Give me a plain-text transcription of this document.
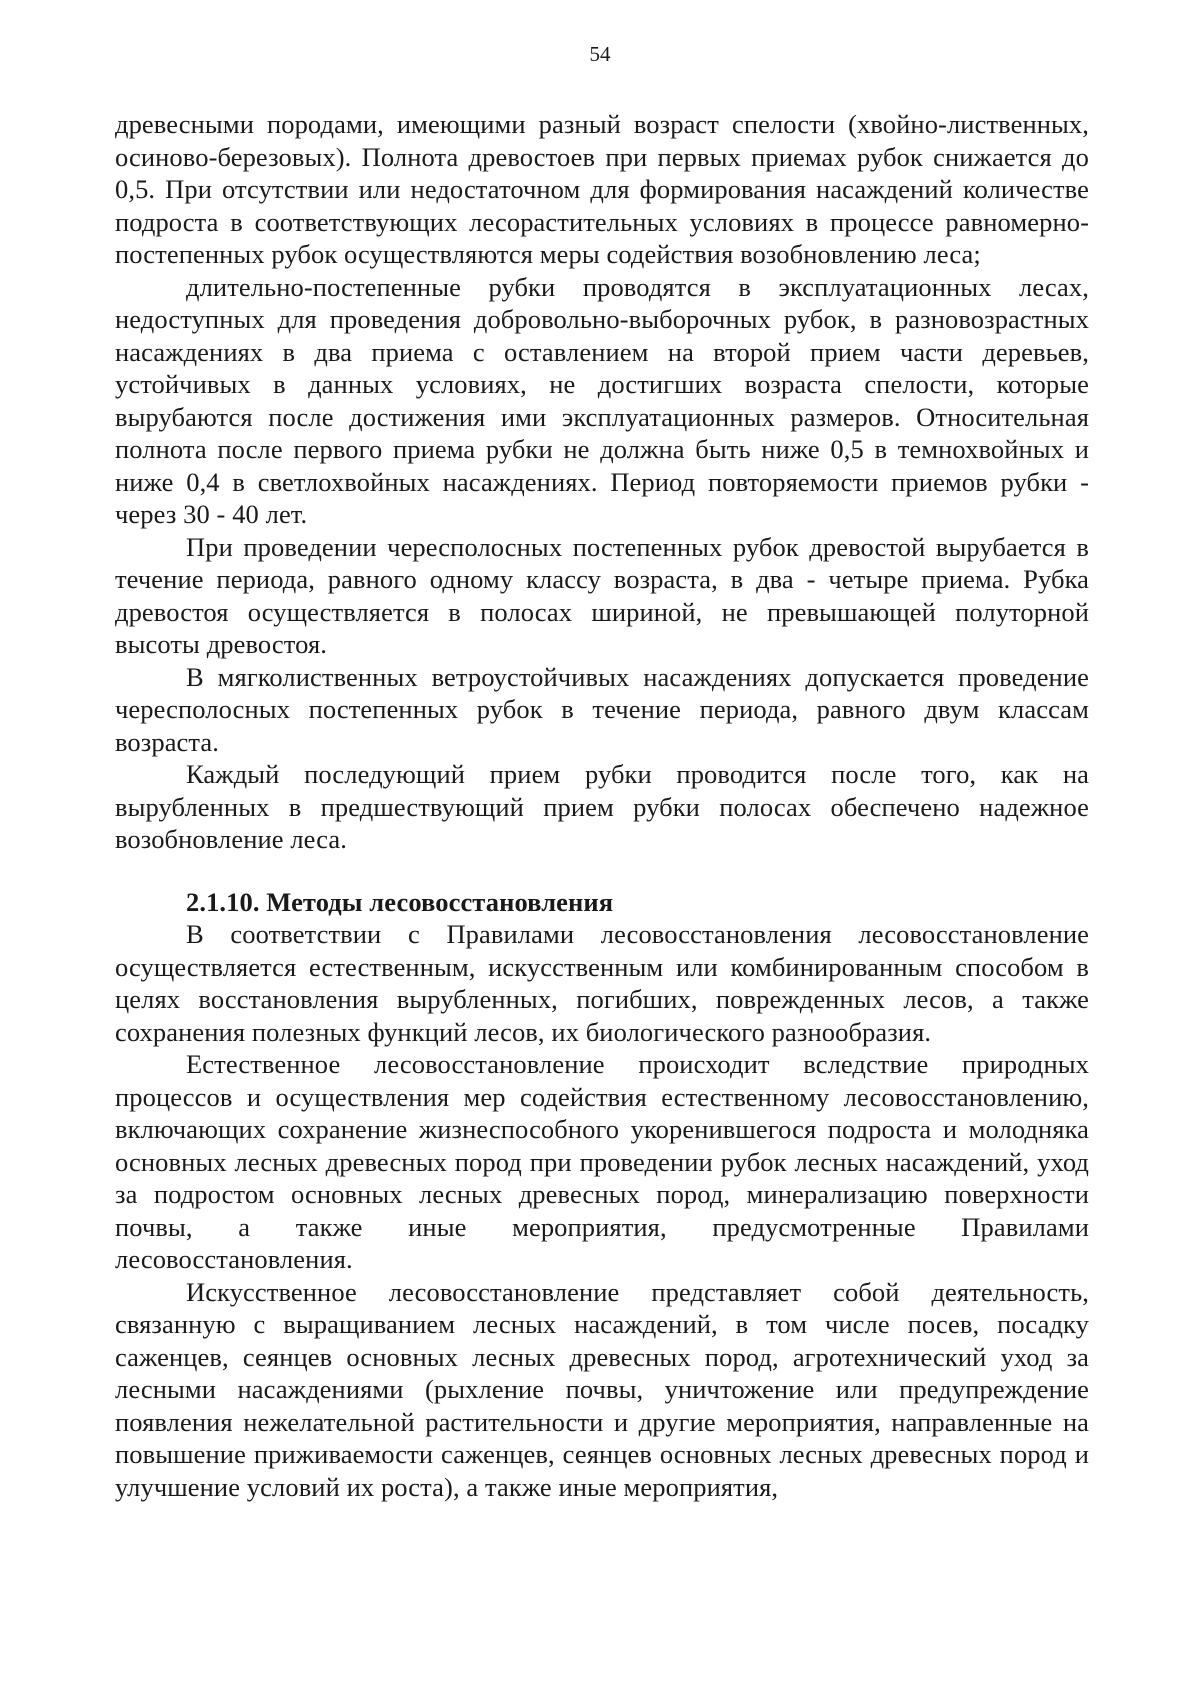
54

древесными породами, имеющими разный возраст спелости (хвойно-лиственных, осиново-березовых). Полнота древостоев при первых приемах рубок снижается до 0,5. При отсутствии или недостаточном для формирования насаждений количестве подроста в соответствующих лесорастительных условиях в процессе равномерно-постепенных рубок осуществляются меры содействия возобновлению леса;

длительно-постепенные рубки проводятся в эксплуатационных лесах, недоступных для проведения добровольно-выборочных рубок, в разновозрастных насаждениях в два приема с оставлением на второй прием части деревьев, устойчивых в данных условиях, не достигших возраста спелости, которые вырубаются после достижения ими эксплуатационных размеров. Относительная полнота после первого приема рубки не должна быть ниже 0,5 в темнохвойных и ниже 0,4 в светлохвойных насаждениях. Период повторяемости приемов рубки - через 30 - 40 лет.

При проведении чересполосных постепенных рубок древостой вырубается в течение периода, равного одному классу возраста, в два - четыре приема. Рубка древостоя осуществляется в полосах шириной, не превышающей полуторной высоты древостоя.

В мягколиственных ветроустойчивых насаждениях допускается проведение чересполосных постепенных рубок в течение периода, равного двум классам возраста.

Каждый последующий прием рубки проводится после того, как на вырубленных в предшествующий прием рубки полосах обеспечено надежное возобновление леса.

2.1.10. Методы лесовосстановления

В соответствии с Правилами лесовосстановления лесовосстановление осуществляется естественным, искусственным или комбинированным способом в целях восстановления вырубленных, погибших, поврежденных лесов, а также сохранения полезных функций лесов, их биологического разнообразия.

Естественное лесовосстановление происходит вследствие природных процессов и осуществления мер содействия естественному лесовосстановлению, включающих сохранение жизнеспособного укоренившегося подроста и молодняка основных лесных древесных пород при проведении рубок лесных насаждений, уход за подростом основных лесных древесных пород, минерализацию поверхности почвы, а также иные мероприятия, предусмотренные Правилами лесовосстановления.

Искусственное лесовосстановление представляет собой деятельность, связанную с выращиванием лесных насаждений, в том числе посев, посадку саженцев, сеянцев основных лесных древесных пород, агротехнический уход за лесными насаждениями (рыхление почвы, уничтожение или предупреждение появления нежелательной растительности и другие мероприятия, направленные на повышение приживаемости саженцев, сеянцев основных лесных древесных пород и улучшение условий их роста), а также иные мероприятия,
